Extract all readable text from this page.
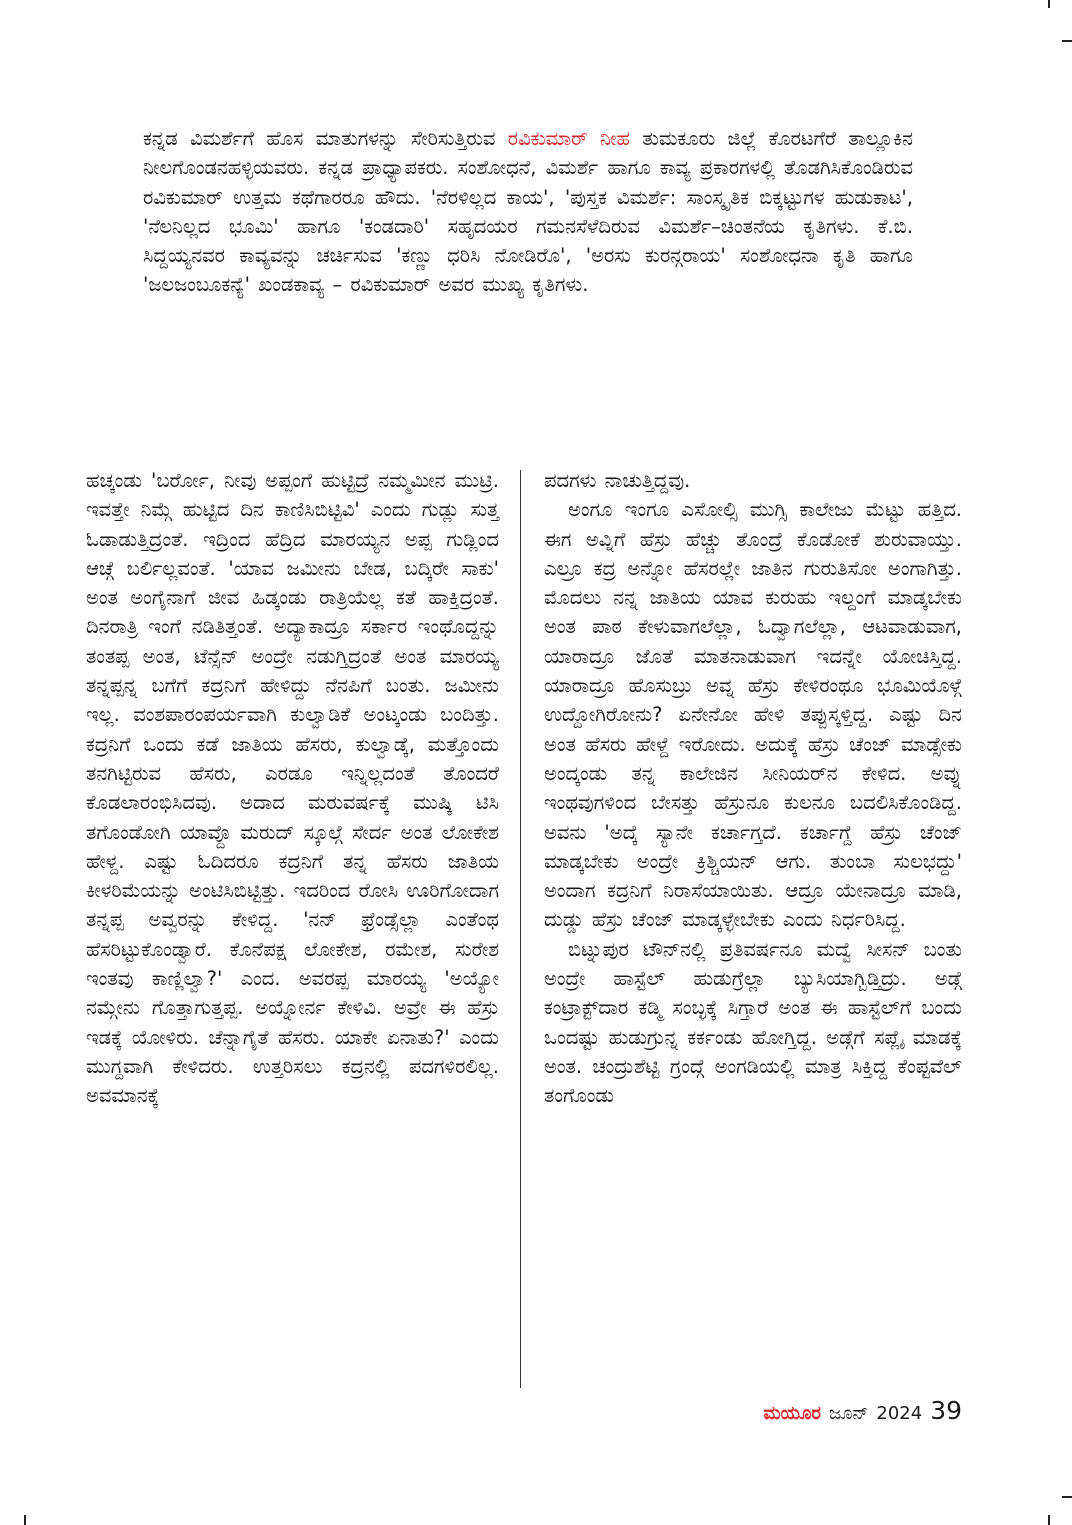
ಕನ್ನಡ ವಿಮರ್ಶೆಗೆ ಹೊಸ ಮಾತುಗಳನ್ನು ಸೇರಿಸುತ್ತಿರುವ ರವಿಕುಮಾರ್ ನೀಹ ತುಮಕೂರು ಜಿಲ್ಲೆ ಕೊರಟಗೆರೆ ತಾಲ್ಲೂಕಿನ ನೀಲಗೊಂಡನಹಳ್ಳಿಯವರು. ಕನ್ನಡ ಪ್ರಾಧ್ಯಾಪಕರು. ಸಂಶೋಧನೆ, ವಿಮರ್ಶೆ ಹಾಗೂ ಕಾವ್ಯ ಪ್ರಕಾರಗಳಲ್ಲಿ ತೊಡಗಿಸಿಕೊಂಡಿರುವ ರವಿಕುಮಾರ್ ಉತ್ತಮ ಕಥೆಗಾರರೂ ಹೌದು. 'ನೆರಳಿಲ್ಲದ ಕಾಯ', 'ಪುಸ್ತಕ ವಿಮರ್ಶೆ: ಸಾಂಸ್ಕೃತಿಕ ಬಿಕ್ಕಟ್ಟುಗಳ ಹುಡುಕಾಟ', 'ನೆಲನಿಲ್ಲದ ಭೂಮಿ' ಹಾಗೂ 'ಕಂಡದಾರಿ' ಸಹೃದಯರ ಗಮನಸೆಳೆದಿರುವ ವಿಮರ್ಶೆ–ಚಿಂತನೆಯ ಕೃತಿಗಳು. ಕೆ.ಬಿ. ಸಿದ್ದಯ್ಯನವರ ಕಾವ್ಯವನ್ನು ಚರ್ಚಿಸುವ 'ಕಣ್ಣು ಧರಿಸಿ ನೋಡಿರೊ', 'ಅರಸು ಕುರನ್ಗರಾಯ' ಸಂಶೋಧನಾ ಕೃತಿ ಹಾಗೂ 'ಜಲಜಂಬೂಕನ್ಯೆ' ಖಂಡಕಾವ್ಯ – ರವಿಕುಮಾರ್ ಅವರ ಮುಖ್ಯ ಕೃತಿಗಳು.

ಹಚ್ಕಂಡು 'ಬರ್ರೋ, ನೀವು ಅಪ್ಪಂಗೆ ಹುಟ್ಟಿದ್ರೆ ನಮ್ಮಮೀನ ಮುಟ್ರಿ. ಇವತ್ತೇ ನಿಮ್ಗೆ ಹುಟ್ಟಿದ ದಿನ ಕಾಣಿಸಿಬಿಟ್ಟಿವಿ' ಎಂದು ಗುಡ್ಲು ಸುತ್ತ ಓಡಾಡುತ್ತಿದ್ರಂತೆ. ಇದ್ರಿಂದ ಹೆದ್ರಿದ ಮಾರಯ್ಯನ ಅಪ್ಪ ಗುಡ್ಲಿಂದ ಆಚ್ಗೆ ಬರ್ಲಿಲ್ಲವಂತೆ. 'ಯಾವ ಜಮೀನು ಬೇಡ, ಬದ್ಕಿರೇ ಸಾಕು' ಅಂತ ಅಂಗೈನಾಗೆ ಜೀವ ಹಿಡ್ಕಂಡು ರಾತ್ರಿಯೆಲ್ಲ ಕತೆ ಹಾಕ್ತಿದ್ರಂತೆ. ದಿನರಾತ್ರಿ ಇಂಗೆ ನಡಿತಿತ್ತಂತೆ. ಅದ್ಯಾಕಾದ್ರೂ ಸರ್ಕಾರ ಇಂಥೊದ್ದನ್ನು ತಂತಪ್ಪ ಅಂತ, ಟೆನ್ಸೆನ್ ಅಂದ್ರೇ ನಡುಗ್ತಿದ್ರಂತೆ ಅಂತ ಮಾರಯ್ಯ ತನ್ನಪ್ಪನ್ನ ಬಗೆಗೆ ಕದ್ರನಿಗೆ ಹೇಳಿದ್ದು ನೆನಪಿಗೆ ಬಂತು. ಜಮೀನು ಇಲ್ಲ. ವಂಶಪಾರಂಪರ್ಯವಾಗಿ ಕುಲ್ವಾಡಿಕೆ ಅಂಟ್ಕಂಡು ಬಂದಿತ್ತು. ಕದ್ರನಿಗೆ ಒಂದು ಕಡೆ ಜಾತಿಯ ಹೆಸರು, ಕುಲ್ವಾಡ್ಕೆ, ಮತ್ತೊಂದು ತನಗಿಟ್ಟಿರುವ ಹೆಸರು, ಎರಡೂ ಇನ್ನಿಲ್ಲದಂತೆ ತೊಂದರೆ ಕೊಡಲಾರಂಭಿಸಿದವು. ಅದಾದ ಮರುವರ್ಷಕ್ಕೆ ಮುಷ್ಕಿ ಟಿಸಿ ತಗೊಂಡೋಗಿ ಯಾವ್ದೊ ಮರುದ್ ಸ್ಕೂಲ್ಗೆ ಸೇರ್ದ ಅಂತ ಲೋಕೇಶ ಹೇಳ್ದ. ಎಷ್ಟು ಓದಿದರೂ ಕದ್ರನಿಗೆ ತನ್ನ ಹೆಸರು ಜಾತಿಯ ಕೀಳರಿಮೆಯನ್ನು ಅಂಟಿಸಿಬಿಟ್ಟಿತ್ತು. ಇದರಿಂದ ರೋಸಿ ಊರಿಗೋದಾಗ ತನ್ನಪ್ಪ ಅವ್ವರನ್ನು ಕೇಳಿದ್ದ. 'ನನ್ ಫ್ರೆಂಡ್ಸೆಲ್ಲಾ ಎಂತೆಂಥ ಹೆಸರಿಟ್ಟುಕೊಂಡ್ವಾರೆ. ಕೊನೆಪಕ್ಷ ಲೋಕೇಶ, ರಮೇಶ, ಸುರೇಶ ಇಂತವು ಕಾಣ್ಲಿಲ್ವಾ?' ಎಂದ. ಅವರಪ್ಪ ಮಾರಯ್ಯ 'ಅಯ್ಯೋ ನಮ್ಗೇನು ಗೊತ್ತಾಗುತ್ತಪ್ಪ. ಅಯ್ನೋರ್ನ ಕೇಳಿವಿ. ಅವ್ರೇ ಈ ಹೆಸ್ರು ಇಡಕ್ಕೆ ಯೋಳಿರು. ಚೆನ್ನಾಗೈತೆ ಹೆಸರು. ಯಾಕೇ ಏನಾತು?' ಎಂದು ಮುಗ್ದವಾಗಿ ಕೇಳಿದರು. ಉತ್ತರಿಸಲು ಕದ್ರನಲ್ಲಿ ಪದಗಳಿರಲಿಲ್ಲ. ಅವಮಾನಕ್ಕೆ

ಪದಗಳು ನಾಚುತ್ತಿದ್ದವು.

ಅಂಗೂ ಇಂಗೂ ಎಸೋಲ್ಸಿ ಮುಗ್ಸಿ ಕಾಲೇಜು ಮೆಟ್ಟು ಹತ್ತಿದ. ಈಗ ಅವ್ನಿಗೆ ಹೆಸ್ರು ಹೆಚ್ಚು ತೊಂದ್ರೆ ಕೊಡೋಕೆ ಶುರುವಾಯ್ತು. ಎಲ್ರೂ ಕದ್ರ ಅನ್ನೋ ಹೆಸರಲ್ಲೇ ಜಾತಿನ ಗುರುತಿಸೋ ಅಂಗಾಗಿತ್ತು. ಮೊದಲು ನನ್ನ ಜಾತಿಯ ಯಾವ ಕುರುಹು ಇಲ್ದಂಗೆ ಮಾಡ್ಕಬೇಕು ಅಂತ ಪಾಠ ಕೇಳುವಾಗಲೆಲ್ಲಾ, ಓದ್ವಾಗಲೆಲ್ಲಾ, ಆಟವಾಡುವಾಗ, ಯಾರಾದ್ರೂ ಜೊತೆ ಮಾತನಾಡುವಾಗ ಇದನ್ನೇ ಯೋಚಿಸ್ತಿದ್ದ. ಯಾರಾದ್ರೂ ಹೊಸುಬ್ರು ಅವ್ನ ಹೆಸ್ರು ಕೇಳಿರಂಥೂ ಭೂಮಿಯೊಳ್ಗೆ ಉದ್ದೋಗಿರೋನು? ಏನೇನೋ ಹೇಳಿ ತಪ್ಪುಸ್ಕಳ್ತಿದ್ದ. ಎಷ್ಟು ದಿನ ಅಂತ ಹೆಸರು ಹೇಳ್ದೆ ಇರೋದು. ಅದುಕ್ಕೆ ಹೆಸ್ರು ಚೆಂಜ್ ಮಾಡ್ಸೇಕು ಅಂದ್ಕಂಡು ತನ್ನ ಕಾಲೇಜಿನ ಸೀನಿಯರ್‌ನ ಕೇಳಿದ. ಅವ್ನು ಇಂಥವುಗಳಿಂದ ಬೇಸತ್ತು ಹೆಸ್ರುನೂ ಕುಲನೂ ಬದಲಿಸಿಕೊಂಡಿದ್ದ. ಅವನು 'ಅದ್ಕೆ ಸ್ಯಾನೇ ಕರ್ಚಾಗ್ತದೆ. ಕರ್ಚಾಗ್ದೆ ಹೆಸ್ರು ಚೆಂಜ್ ಮಾಡ್ಕಬೇಕು ಅಂದ್ರೇ ಕ್ರಿಶ್ಚಿಯನ್ ಆಗು. ತುಂಬಾ ಸುಲಭದ್ದು' ಅಂದಾಗ ಕದ್ರನಿಗೆ ನಿರಾಸೆಯಾಯಿತು. ಆದ್ರೂ ಯೇನಾದ್ರೂ ಮಾಡಿ, ದುಡ್ಡು ಹೆಸ್ರು ಚೆಂಜ್ ಮಾಡ್ಕಳ್ಳೇಬೇಕು ಎಂದು ನಿರ್ಧರಿಸಿದ್ದ.

ಬಿಟ್ನುಪುರ ಟೌನ್‌ನಲ್ಲಿ ಪ್ರತಿವರ್ಷನೂ ಮದ್ವೆ ಸೀಸನ್ ಬಂತು ಅಂದ್ರೇ ಹಾಸ್ಟೆಲ್ ಹುಡುಗ್ರೆಲ್ಲಾ ಬ್ಯುಸಿಯಾಗ್ಬಿಡ್ತಿದ್ರು. ಅಡ್ಗೆ ಕಂಟ್ರಾಕ್ಟ್‌ದಾರ ಕಡ್ಮಿ ಸಂಬ್ಳಕ್ಕೆ ಸಿಗ್ತಾರೆ ಅಂತ ಈ ಹಾಸ್ಟೆಲ್‌ಗೆ ಬಂದು ಒಂದಷ್ಟು ಹುಡುಗ್ರುನ್ನ ಕರ್ಕಂಡು ಹೋಗ್ತಿದ್ದ. ಅಡ್ಗೆಗೆ ಸಪ್ಲೈ ಮಾಡಕ್ಕೆ ಅಂತ. ಚಂದ್ರುಶೆಟ್ಟಿ ಗ್ರಂದ್ಗೆ ಅಂಗಡಿಯಲ್ಲಿ ಮಾತ್ರ ಸಿಕ್ತಿದ್ದ ಕೆಂಪ್ಟವೆಲ್ ತಂಗೊಂಡು

ಮಯೂರ ಜೂನ್ 2024 39
